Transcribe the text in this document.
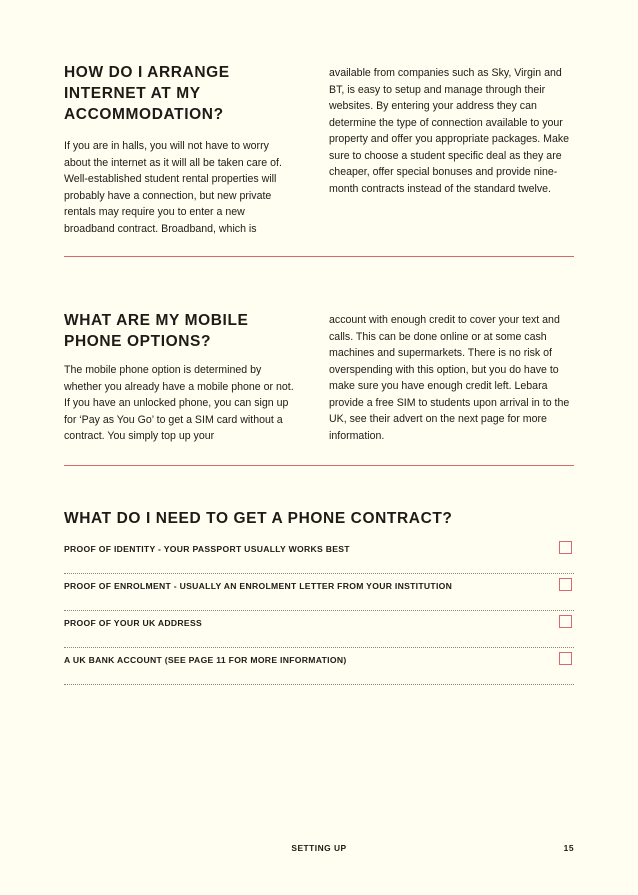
HOW DO I ARRANGE INTERNET AT MY ACCOMMODATION?

If you are in halls, you will not have to worry about the internet as it will all be taken care of. Well-established student rental properties will probably have a connection, but new private rentals may require you to enter a new broadband contract. Broadband, which is

available from companies such as Sky, Virgin and BT, is easy to setup and manage through their websites. By entering your address they can determine the type of connection available to your property and offer you appropriate packages. Make sure to choose a student specific deal as they are cheaper, offer special bonuses and provide nine-month contracts instead of the standard twelve.

WHAT ARE MY MOBILE PHONE OPTIONS?

The mobile phone option is determined by whether you already have a mobile phone or not. If you have an unlocked phone, you can sign up for ‘Pay as You Go’ to get a SIM card without a contract. You simply top up your

account with enough credit to cover your text and calls. This can be done online or at some cash machines and supermarkets. There is no risk of overspending with this option, but you do have to make sure you have enough credit left. Lebara provide a free SIM to students upon arrival in to the UK, see their advert on the next page for more information.

WHAT DO I NEED TO GET A PHONE CONTRACT?
PROOF OF IDENTITY - YOUR PASSPORT USUALLY WORKS BEST
PROOF OF ENROLMENT - USUALLY AN ENROLMENT LETTER FROM YOUR INSTITUTION
PROOF OF YOUR UK ADDRESS
A UK BANK ACCOUNT (SEE PAGE 11 FOR MORE INFORMATION)
SETTING UP	15
